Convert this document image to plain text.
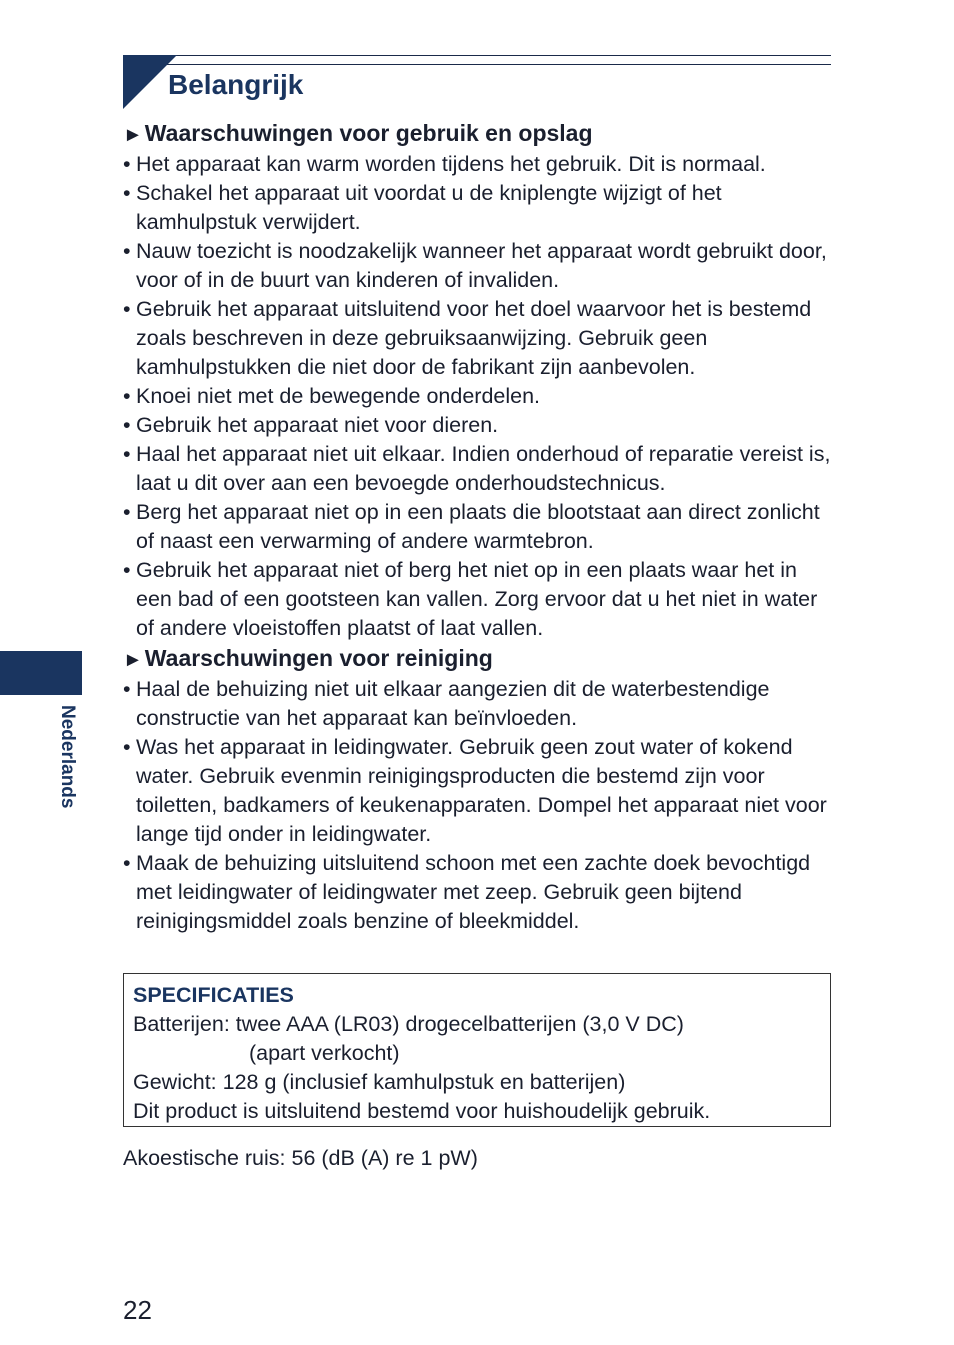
Belangrijk
►Waarschuwingen voor gebruik en opslag
• Het apparaat kan warm worden tijdens het gebruik. Dit is normaal.
• Schakel het apparaat uit voordat u de kniplengte wijzigt of het kamhulpstuk verwijdert.
• Nauw toezicht is noodzakelijk wanneer het apparaat wordt gebruikt door, voor of in de buurt van kinderen of invaliden.
• Gebruik het apparaat uitsluitend voor het doel waarvoor het is bestemd zoals beschreven in deze gebruiksaanwijzing. Gebruik geen kamhulpstukken die niet door de fabrikant zijn aanbevolen.
• Knoei niet met de bewegende onderdelen.
• Gebruik het apparaat niet voor dieren.
• Haal het apparaat niet uit elkaar. Indien onderhoud of reparatie vereist is, laat u dit over aan een bevoegde onderhoudstechnicus.
• Berg het apparaat niet op in een plaats die blootstaat aan direct zonlicht of naast een verwarming of andere warmtebron.
• Gebruik het apparaat niet of berg het niet op in een plaats waar het in een bad of een gootsteen kan vallen. Zorg ervoor dat u het niet in water of andere vloeistoffen plaatst of laat vallen.
►Waarschuwingen voor reiniging
• Haal de behuizing niet uit elkaar aangezien dit de waterbestendige constructie van het apparaat kan beïnvloeden.
• Was het apparaat in leidingwater. Gebruik geen zout water of kokend water. Gebruik evenmin reinigingsproducten die bestemd zijn voor toiletten, badkamers of keukenapparaten. Dompel het apparaat niet voor lange tijd onder in leidingwater.
• Maak de behuizing uitsluitend schoon met een zachte doek bevochtigd met leidingwater of leidingwater met zeep. Gebruik geen bijtend reinigingsmiddel zoals benzine of bleekmiddel.
SPECIFICATIES
Batterijen: twee AAA (LR03) drogecelbatterijen (3,0 V DC)
(apart verkocht)
Gewicht: 128 g (inclusief kamhulpstuk en batterijen)
Dit product is uitsluitend bestemd voor huishoudelijk gebruik.
Akoestische ruis: 56 (dB (A) re 1 pW)
Nederlands
22
